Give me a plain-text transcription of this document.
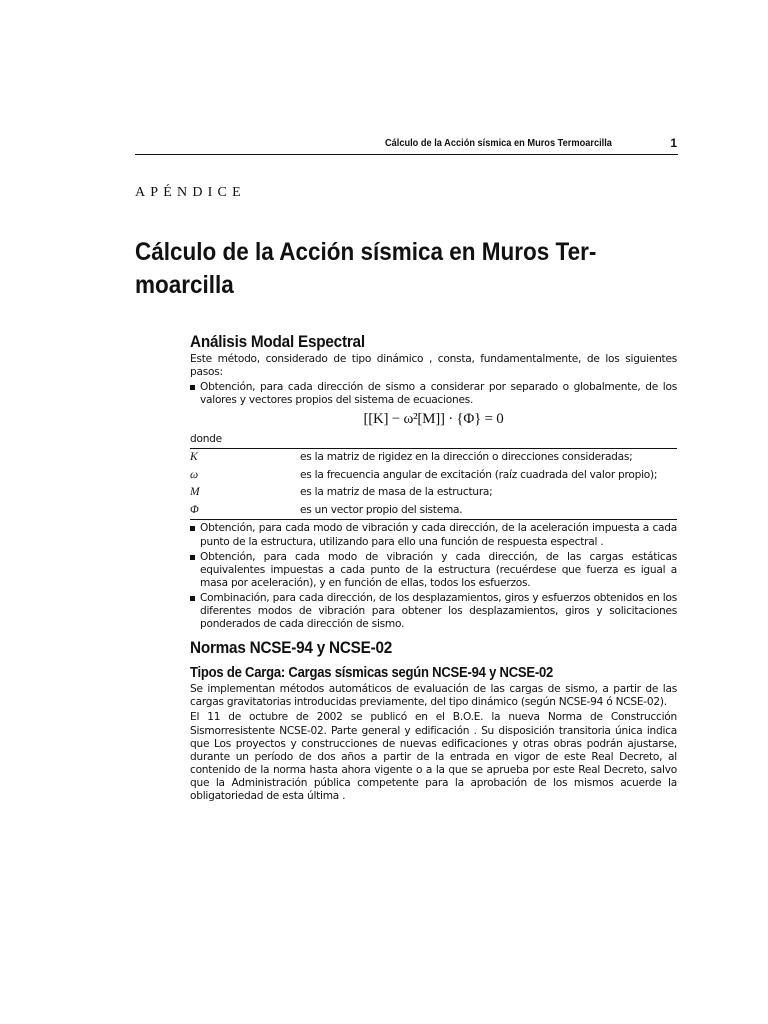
Cálculo de la Acción sísmica en Muros Termoarcilla	1
APÉNDICE
Cálculo de la Acción sísmica en Muros Ter-moarcilla
Análisis Modal Espectral

Este método, considerado de tipo dinámico , consta, fundamentalmente, de los siguientes pasos:

Obtención, para cada dirección de sismo a considerar por separado o globalmente, de los valores y vectores propios del sistema de ecuaciones.
[[K] − ω²[M]] · {Φ} = 0
donde
K	es la matriz de rigidez en la dirección o direcciones consideradas;
ω	es la frecuencia angular de excitación (raíz cuadrada del valor propio);
M	es la matriz de masa de la estructura;
Φ	es un vector propio del sistema.
Obtención, para cada modo de vibración y cada dirección, de la aceleración impuesta a cada punto de la estructura, utilizando para ello una función de respuesta espectral .
Obtención, para cada modo de vibración y cada dirección, de las cargas estáticas equivalentes impuestas a cada punto de la estructura (recuérdese que fuerza es igual a masa por aceleración), y en función de ellas, todos los esfuerzos.
Combinación, para cada dirección, de los desplazamientos, giros y esfuerzos obtenidos en los diferentes modos de vibración para obtener los desplazamientos, giros y solicitaciones ponderados de cada dirección de sismo.
Normas NCSE-94 y NCSE-02
Tipos de Carga: Cargas sísmicas según NCSE-94 y NCSE-02

Se implementan métodos automáticos de evaluación de las cargas de sismo, a partir de las cargas gravitatorias introducidas previamente, del tipo dinámico (según NCSE-94 ó NCSE-02).

El 11 de octubre de 2002 se publicó en el B.O.E. la nueva Norma de Construcción Sismorresistente NCSE-02. Parte general y edificación . Su disposición transitoria única indica que Los proyectos y construcciones de nuevas edificaciones y otras obras podrán ajustarse, durante un período de dos años a partir de la entrada en vigor de este Real Decreto, al contenido de la norma hasta ahora vigente o a la que se aprueba por este Real Decreto, salvo que la Administración pública competente para la aprobación de los mismos acuerde la obligatoriedad de esta última .
